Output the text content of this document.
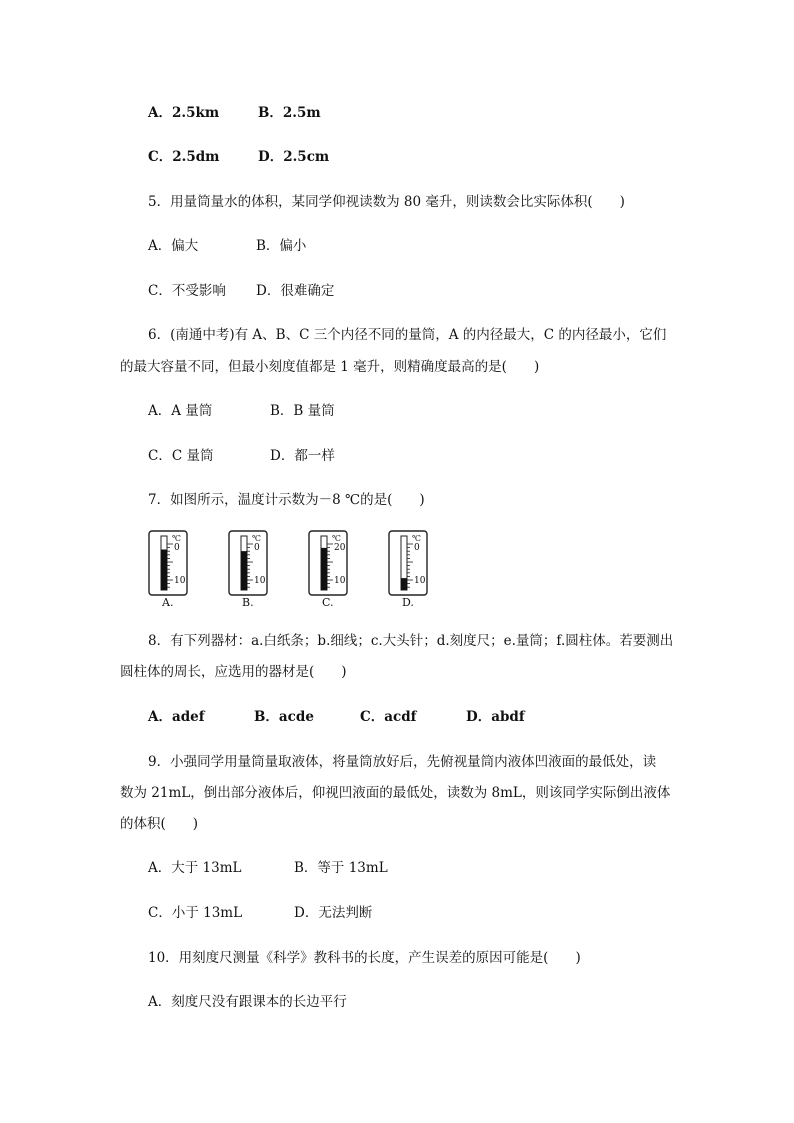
A．2.5km	B．2.5m
C．2.5dm	D．2.5cm
5．用量筒量水的体积，某同学仰视读数为 80 毫升，则读数会比实际体积(　　)
A．偏大	B．偏小
C．不受影响 D．很难确定
6．(南通中考)有 A、B、C 三个内径不同的量筒，A 的内径最大，C 的内径最小，它们
的最大容量不同，但最小刻度值都是 1 毫升，则精确度最高的是(　　)
A．A 量筒	B．B 量筒
C．C 量筒	D．都一样
7．如图所示，温度计示数为－8 ℃的是(　　)
℃
0
10
A.
℃
0
10
B.
℃
20
10
C.
℃
0
10
D.
8．有下列器材：a.白纸条；b.细线；c.大头针；d.刻度尺；e.量筒；f.圆柱体。若要测出
圆柱体的周长，应选用的器材是(　　)
A．adef	B．acde	C．acdf	D．abdf
9．小强同学用量筒量取液体，将量筒放好后，先俯视量筒内液体凹液面的最低处，读
数为 21mL，倒出部分液体后，仰视凹液面的最低处，读数为 8mL，则该同学实际倒出液体
的体积(　　)
A．大于 13mL	B．等于 13mL
C．小于 13mL	D．无法判断
10．用刻度尺测量《科学》教科书的长度，产生误差的原因可能是(　　)
A．刻度尺没有跟课本的长边平行
